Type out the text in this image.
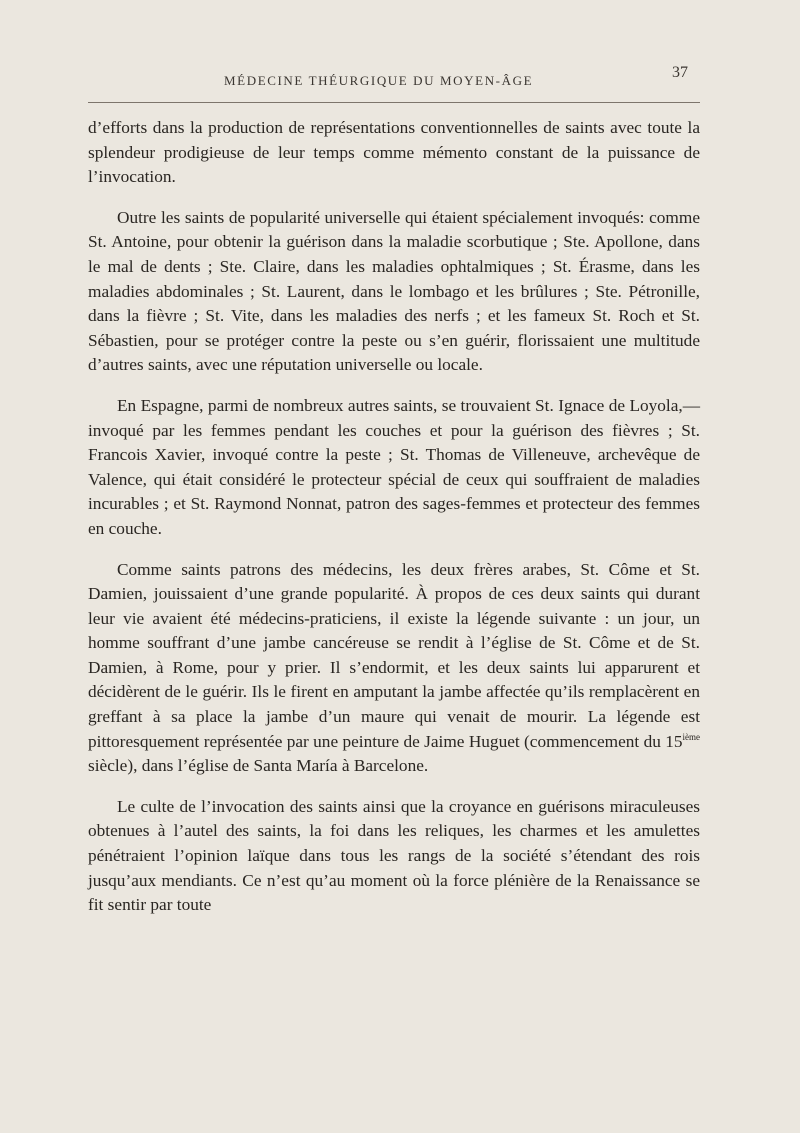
MÉDECINE THÉURGIQUE DU MOYEN-ÂGE	37

d’efforts dans la production de représentations conventionnelles de saints avec toute la splendeur prodigieuse de leur temps comme mémento constant de la puissance de l’invocation.

Outre les saints de popularité universelle qui étaient spécialement invoqués: comme St. Antoine, pour obtenir la guérison dans la maladie scorbutique ; Ste. Apollone, dans le mal de dents ; Ste. Claire, dans les maladies ophtalmiques ; St. Érasme, dans les maladies abdominales ; St. Laurent, dans le lombago et les brûlures ; Ste. Pétronille, dans la fièvre ; St. Vite, dans les maladies des nerfs ; et les fameux St. Roch et St. Sébastien, pour se protéger contre la peste ou s’en guérir, florissaient une multitude d’autres saints, avec une réputation universelle ou locale.

En Espagne, parmi de nombreux autres saints, se trouvaient St. Ignace de Loyola,—invoqué par les femmes pendant les couches et pour la guérison des fièvres ; St. Francois Xavier, invoqué contre la peste ; St. Thomas de Villeneuve, archevêque de Valence, qui était considéré le protecteur spécial de ceux qui souffraient de maladies incurables ; et St. Raymond Nonnat, patron des sages-femmes et protecteur des femmes en couche.

Comme saints patrons des médecins, les deux frères arabes, St. Côme et St. Damien, jouissaient d’une grande popularité. À propos de ces deux saints qui durant leur vie avaient été médecins-praticiens, il existe la légende suivante : un jour, un homme souffrant d’une jambe cancéreuse se rendit à l’église de St. Côme et de St. Damien, à Rome, pour y prier. Il s’endormit, et les deux saints lui apparurent et décidèrent de le guérir. Ils le firent en amputant la jambe affectée qu’ils remplacèrent en greffant à sa place la jambe d’un maure qui venait de mourir. La légende est pittoresquement représentée par une peinture de Jaime Huguet (commencement du 15ième siècle), dans l’église de Santa María à Barcelone.

Le culte de l’invocation des saints ainsi que la croyance en guérisons miraculeuses obtenues à l’autel des saints, la foi dans les reliques, les charmes et les amulettes pénétraient l’opinion laïque dans tous les rangs de la société s’étendant des rois jusqu’aux mendiants. Ce n’est qu’au moment où la force plénière de la Renaissance se fit sentir par toute
